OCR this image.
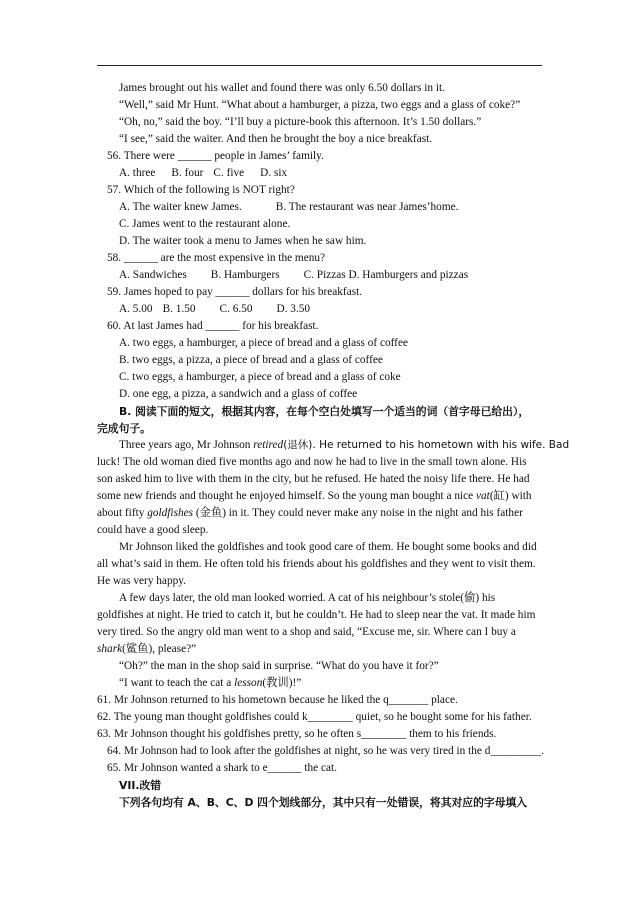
James brought out his wallet and found there was only 6.50 dollars in it.
“Well,” said Mr Hunt. “What about a hamburger, a pizza, two eggs and a glass of coke?”
“Oh, no,” said the boy. “I’ll buy a picture-book this afternoon. It’s 1.50 dollars.”
“I see,” said the waiter. And then he brought the boy a nice breakfast.
56. There were ______ people in James’ family.
A. three B. four C. five D. six
57. Which of the following is NOT right?
A. The waiter knew James.	B. The restaurant was near James’home.
C. James went to the restaurant alone.
D. The waiter took a menu to James when he saw him.
58. ______ are the most expensive in the menu?
A. Sandwiches B. Hamburgers C. Pizzas D. Hamburgers and pizzas
59. James hoped to pay ______ dollars for his breakfast.
A. 5.00 B. 1.50 C. 6.50 D. 3.50
60. At last James had ______ for his breakfast.
A. two eggs, a hamburger, a piece of bread and a glass of coffee
B. two eggs, a pizza, a piece of bread and a glass of coffee
C. two eggs, a hamburger, a piece of bread and a glass of coke
D. one egg, a pizza, a sandwich and a glass of coffee
B. 阅读下面的短文，根据其内容，在每个空白处填写一个适当的词（首字母已给出），
完成句子。
Three years ago, Mr Johnson retired(退休). He returned to his hometown with his wife. Bad
luck! The old woman died five months ago and now he had to live in the small town alone. His
son asked him to live with them in the city, but he refused. He hated the noisy life there. He had
some new friends and thought he enjoyed himself. So the young man bought a nice vat(缸) with
about fifty goldfishes (金鱼) in it. They could never make any noise in the night and his father
could have a good sleep.
Mr Johnson liked the goldfishes and took good care of them. He bought some books and did
all what’s said in them. He often told his friends about his goldfishes and they went to visit them.
He was very happy.
A few days later, the old man looked worried. A cat of his neighbour’s stole(偷) his
goldfishes at night. He tried to catch it, but he couldn’t. He had to sleep near the vat. It made him
very tired. So the angry old man went to a shop and said, “Excuse me, sir. Where can I buy a
shark(鲨鱼), please?”
“Oh?” the man in the shop said in surprise. “What do you have it for?”
“I want to teach the cat a lesson(教训)!”
61. Mr Johnson returned to his hometown because he liked the q_______ place.
62. The young man thought goldfishes could k________ quiet, so he bought some for his father.
63. Mr Johnson thought his goldfishes pretty, so he often s________ them to his friends.
64. Mr Johnson had to look after the goldfishes at night, so he was very tired in the d_________.
65. Mr Johnson wanted a shark to e______ the cat.
VII.改错
下列各句均有 A、B、C、D 四个划线部分，其中只有一处错误，将其对应的字母填入
